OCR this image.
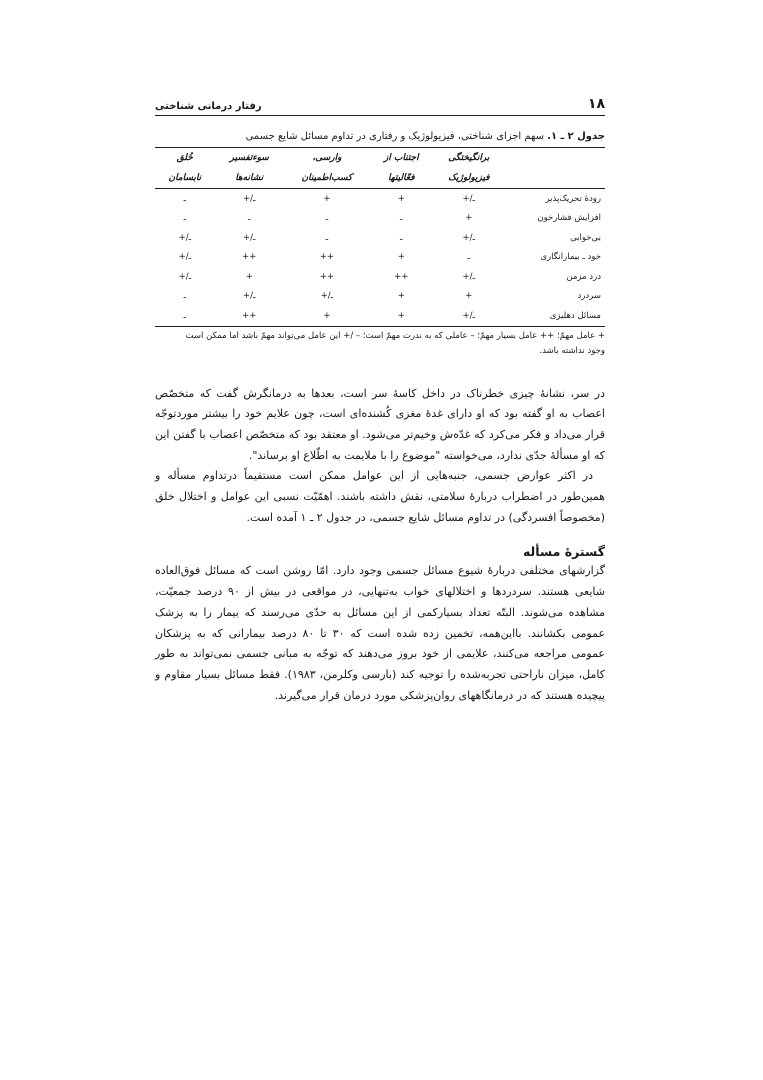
۱۸
رفتار درمانی شناختی
جدول ۲ ـ ۱. سهم اجزای شناختی، فیزیولوژیک و رفتاری در تداوم مسائل شایع جسمی
	برانگیختگی	اجتناب از	وارسی،	سوءتفسیر	خُلق
	فیزیولوژیک	فعّالیتها	کسب‌اطمینان	نشانه‌ها	نابسامان
رودهٔ تحریک‌پذیر	ـ/+	+	+	ـ/+	ـ
افزایش فشارخون	+	ـ	ـ	ـ	ـ
بی‌خوابی	ـ/+	ـ	ـ	ـ/+	ـ/+
خود ـ بیمارانگاری	ـ	+	++	++	ـ/+
درد مزمن	ـ/+	++	++	+	ـ/+
سردرد	+	+	ـ/+	ـ/+	ـ
مسائل دهلیزی	ـ/+	+	+	++	ـ
+ عامل مهمّ؛ ++ عامل بسیار مهمّ؛ – عاملی که به ندرت مهمّ است؛ – /+ این عامل می‌تواند مهمّ باشد اما ممکن است
وجود نداشته باشد.

در سر، نشانهٔ چیزی خطرناک در داخل کاسهٔ سر است، بعدها به درمانگرش گفت که متخصّص اعصاب به او گفته بود که او دارای غدهٔ مغزی کُشنده‌ای است، چون علایم خود را بیشتر موردتوجّه قرار می‌داد و فکر می‌کرد که غدّه‌ش وخیم‌تر می‌شود. او معتقد بود که متخصّص اعصاب با گفتن این که او مسألهٔ جدّی ندارد، می‌خواسته "موضوع را با ملایمت به اطّلاع او برساند".

در اکثر عوارض جسمی، جنبه‌هایی از این عوامل ممکن است مستقیماً درتداوم مسأله و همین‌طور در اضطراب دربارهٔ سلامتی، نقش داشته باشند. اهمّیّت نسبی این عوامل و اختلال خلق (مخصوصاً افسردگی) در تداوم مسائل شایع جسمی، در جدول ۲ ـ ۱ آمده است.

گسترهٔ مسأله

گزارشهای مختلفی دربارهٔ شیوع مسائل جسمی وجود دارد. امّا روشن است که مسائل فوق‌العاده شایعی هستند. سردردها و اختلالهای خواب به‌تنهایی، در مواقعی در بیش از ۹۰ درصد جمعیّت، مشاهده می‌شوند. البتّه تعداد بسیارکمی از این مسائل به حدّی می‌رسند که بیمار را به پزشک عمومی بکشانند. بااین‌همه، تخمین زده شده است که ۳۰ تا ۸۰ درصد بیمارانی که به پزشکان عمومی مراجعه می‌کنند، علایمی از خود بروز می‌دهند که توجّه به مبانی جسمی نمی‌تواند به طور کامل، میزان ناراحتی تجربه‌شده را توجیه کند (بارسی وکلرمن، ۱۹۸۳). فقط مسائل بسیار مقاوم و پیچیده هستند که در درمانگاههای روان‌پزشکی مورد درمان قرار می‌گیرند.
